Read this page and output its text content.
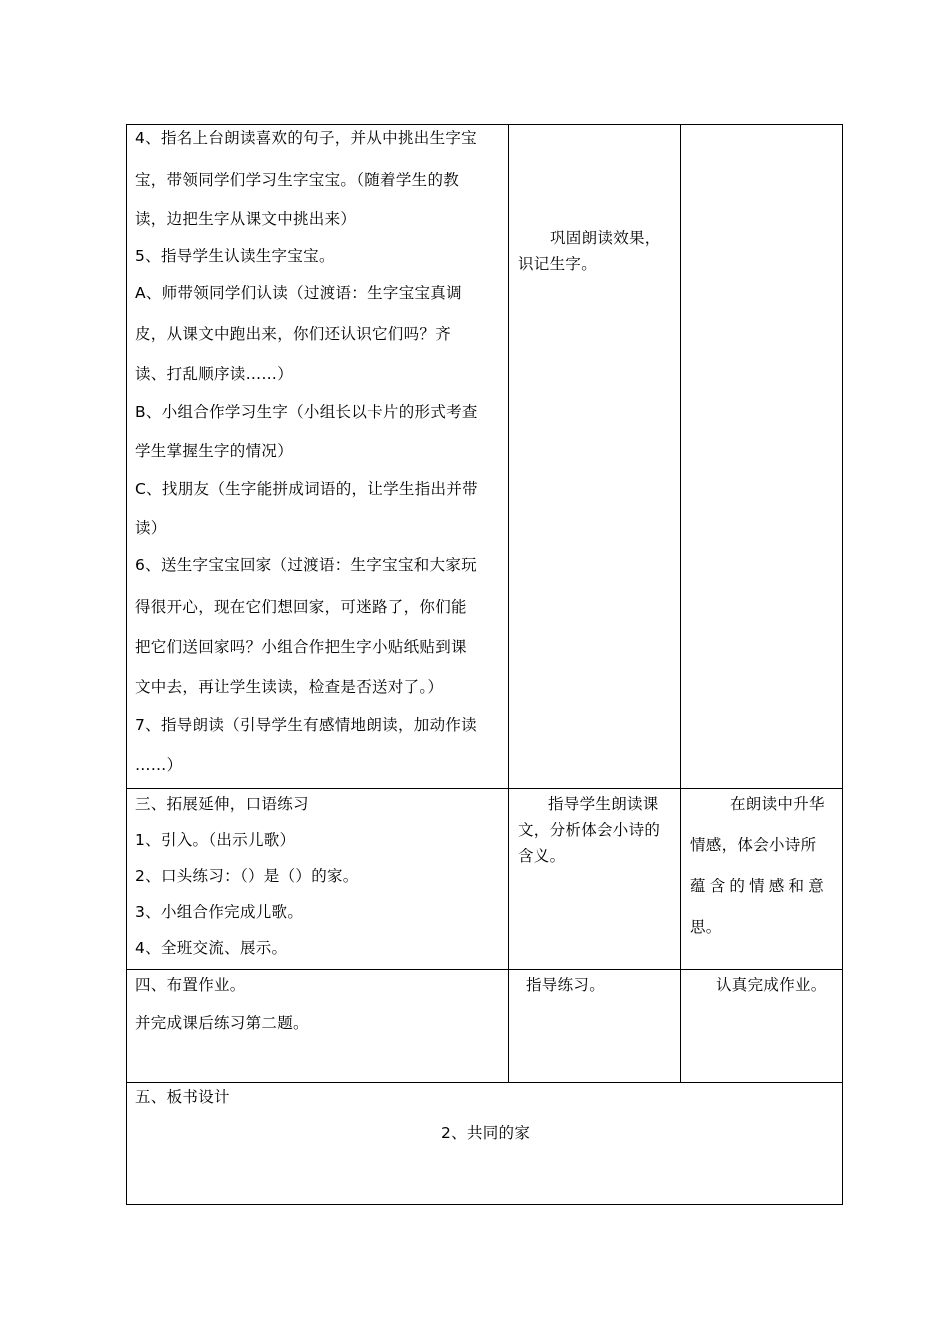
4、指名上台朗读喜欢的句子，并从中挑出生字宝
宝，带领同学们学习生字宝宝。（随着学生的教
读，边把生字从课文中挑出来）
5、指导学生认读生字宝宝。
A、师带领同学们认读（过渡语：生字宝宝真调
皮，从课文中跑出来，你们还认识它们吗？齐
读、打乱顺序读……）
B、小组合作学习生字（小组长以卡片的形式考查
学生掌握生字的情况）
C、找朋友（生字能拼成词语的，让学生指出并带
读）
6、送生字宝宝回家（过渡语：生字宝宝和大家玩
得很开心，现在它们想回家，可迷路了，你们能
把它们送回家吗？小组合作把生字小贴纸贴到课
文中去，再让学生读读，检查是否送对了。）
7、指导朗读（引导学生有感情地朗读，加动作读
……）
巩固朗读效果，
识记生字。
三、拓展延伸，口语练习
1、引入。（出示儿歌）
2、口头练习：（）是（）的家。
3、小组合作完成儿歌。
4、全班交流、展示。
指导学生朗读课
文，分析体会小诗的
含义。
在朗读中升华
情感，体会小诗所
蕴含的情感和意
思。
四、布置作业。
并完成课后练习第二题。
指导练习。	认真完成作业。
五、板书设计
2、共同的家
